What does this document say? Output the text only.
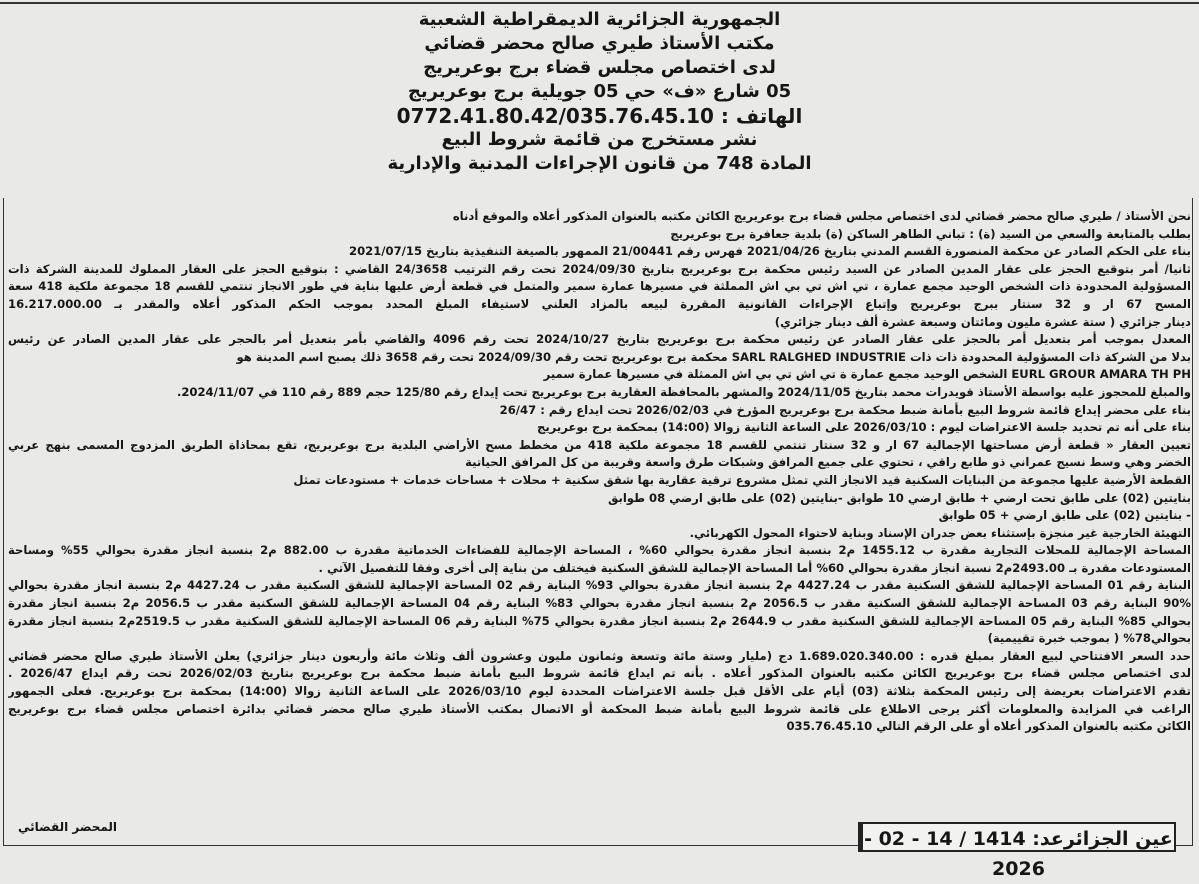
الجمهورية الجزائرية الديمقراطية الشعبية
مكتب الأستاذ طيري صالح محضر قضائي
لدى اختصاص مجلس قضاء برج بوعريريج
05 شارع «ف» حي 05 جويلية برج بوعريريج
الهاتف : 0772.41.80.42/035.76.45.10
نشر مستخرج من قائمة شروط البيع
المادة 748 من قانون الإجراءات المدنية والإدارية
نحن الأستاذ / طيري صالح محضر قضائي لدى اختصاص مجلس قضاء برج بوعريريج الكائن مكتبه بالعنوان المذكور أعلاه والموقع أدناه
بطلب بالمتابعة والسعي من السيد (ة) : تباني الطاهر الساكن (ة) بلدية جعافرة برج بوعريريج
بناء على الحكم الصادر عن محكمة المنصورة القسم المدني بتاريخ 2021/04/26 فهرس رقم 21/00441 الممهور بالصيغة التنفيذية بتاريخ 2021/07/15
ثانيا/ أمر بتوقيع الحجز على عقار المدين الصادر عن السيد رئيس محكمة برج بوعريريج بتاريخ 2024/09/30 تحت رقم الترتيب 24/3658 القاضي : بتوقيع الحجز على العقار المملوك للمدينة الشركة ذات
المسؤولية المحدودة ذات الشخص الوحيد مجمع عمارة ، تي اش تي بي اش المملثة في مسيرها عمارة سمير والمتمل في قطعة أرض عليها بناية في طور الانجاز تنتمي للقسم 18 مجموعة ملكية 418 سعة
المسح 67 ار و 32 سنتار ببرج بوعريريج وإتباع الإجراءات القانونية المقررة لبيعه بالمزاد العلني لاستيفاء المبلغ المحدد بموجب الحكم المذكور أعلاه والمقدر بـ 16.217.000.00
دينار جزائري ( ستة عشرة مليون ومائتان وسبعة عشرة ألف دينار جزائري)
المعدل بموجب أمر بتعديل أمر بالحجز على عقار الصادر عن رئيس محكمة برج بوعريريج بتاريخ 2024/10/27 تحت رقم 4096 والقاضي بأمر بتعديل أمر بالحجر على عقار المدين الصادر عن رئيس
بدلا من الشركة ذات المسؤولية المحدودة ذات ذات SARL RALGHED INDUSTRIE محكمة برج بوعريريج تحت رقم 2024/09/30 تحت رقم 3658 ذلك يصبح اسم المدينة هو
EURL GROUR AMARA TH PH الشخص الوحيد مجمع عمارة ة تي اش تي بي اش الممثلة في مسيرها عمارة سمير
والمبلغ للمحجوز عليه بواسطة الأستاذ قويدرات محمد بتاريخ 2024/11/05 والمشهر بالمحافظة العقارية برج بوعريريج تحت إيداع رقم 125/80 حجم 889 رقم 110 في 2024/11/07.
بناء على محضر إيداع قائمة شروط البيع بأمانة ضبط محكمة برج بوعريريج المؤرخ في 2026/02/03 تحت ايداع رقم : 26/47
بناء على أنه تم تحديد جلسة الاعتراضات ليوم : 2026/03/10 على الساعة الثانية زوالا (14:00) بمحكمة برج بوعريريج
تعيين العقار « قطعة أرض مساحتها الإجمالية 67 ار و 32 سنتار تنتمي للقسم 18 مجموعة ملكية 418 من مخطط مسح الأراضي البلدية برج بوعريريج، تقع بمحاذاة الطريق المزدوج المسمى بنهج عربي
الخضر وهي وسط نسيج عمراني ذو طابع راقي ، تحتوي على جميع المرافق وشبكات طرق واسعة وقريبة من كل المرافق الحياتية
القطعة الأرضية عليها مجموعة من البنايات السكنية قيد الانجاز التي تمثل مشروع ترقية عقارية بها شقق سكنية + محلات + مساحات خدمات + مستودعات تمثل
بنايتين (02) على طابق تحت ارضي + طابق ارضي 10 طوابق -بنايتين (02) على طابق ارضي 08 طوابق
- بنايتين (02) على طابق ارضي + 05 طوابق
التهيئة الخارجية غير منجزة بإستثناء بعض جدران الإسناد وبناية لاحتواء المحول الكهربائي.
المساحة الإجمالية للمحلات التجارية مقدرة ب 1455.12 م2 بنسبة انجاز مقدرة بحوالي 60% ، المساحة الإجمالية للفضاءات الخدماتية مقدرة ب 882.00 م2 بنسبة انجاز مقدرة بحوالي 55% ومساحة
المستودعات مقدرة بـ 2493.00م2 نسبة انجاز مقدرة بحوالي 60% أما المساحة الإجمالية للشقق السكنية فيختلف من بناية إلى أخرى وفقا للتفصيل الآتي .
البناية رقم 01 المساحة الإجمالية للشقق السكنية مقدر ب 4427.24 م2 بنسبة انجاز مقدرة بحوالي 93% البناية رقم 02 المساحة الإجمالية للشقق السكنية مقدر ب 4427.24 م2 بنسبة انجاز مقدرة بحوالي
90% البناية رقم 03 المساحة الإجمالية للشقق السكنية مقدر ب 2056.5 م2 بنسبة انجاز مقدرة بحوالي 83% البناية رقم 04 المساحة الإجمالية للشقق السكنية مقدر ب 2056.5 م2 بنسبة انجاز مقدرة
بحوالي 85% البناية رقم 05 المساحة الإجمالية للشقق السكنية مقدر ب 2644.9 م2 بنسبة انجاز مقدرة بحوالي 75% البناية رقم 06 المساحة الإجمالية للشقق السكنية مقدر ب 2519.5م2 بنسبة انجاز مقدرة
بحوالي78% ( بموجب خبرة تقييمية)
حدد السعر الافتتاحي لبيع العقار بمبلغ قدره : 1.689.020.340.00 دج (مليار وستة مائة وتسعة وثمانون مليون وعشرون ألف وثلاث مائة وأربعون دينار جزائري) يعلن الأستاذ طيري صالح محضر قضائي
لدى اختصاص مجلس قضاء برج بوعريريج الكائن مكتبه بالعنوان المذكور أعلاه . بأنه تم ايداع قائمة شروط البيع بأمانة ضبط محكمة برج بوعريريج بتاريخ 2026/02/03 تحت رقم ايداع 2026/47 .
تقدم الاعتراضات بعريضة إلى رئيس المحكمة بثلاثة (03) أيام على الأقل قبل جلسة الاعتراضات المحددة ليوم 2026/03/10 على الساعة الثانية زوالا (14:00) بمحكمة برج بوعريريج. فعلى الجمهور
الراغب في المزايدة والمعلومات أكثر يرجى الاطلاع على قائمة شروط البيع بأمانة ضبط المحكمة أو الاتصال بمكتب الأستاذ طيري صالح محضر قضائي بدائرة اختصاص مجلس قضاء برج بوعريريج
الكائن مكتبه بالعنوان المذكور أعلاه أو على الرقم التالي 035.76.45.10
المحضر القضائي
عين الجزائرعد: 1414 / 14 - 02 - 2026
